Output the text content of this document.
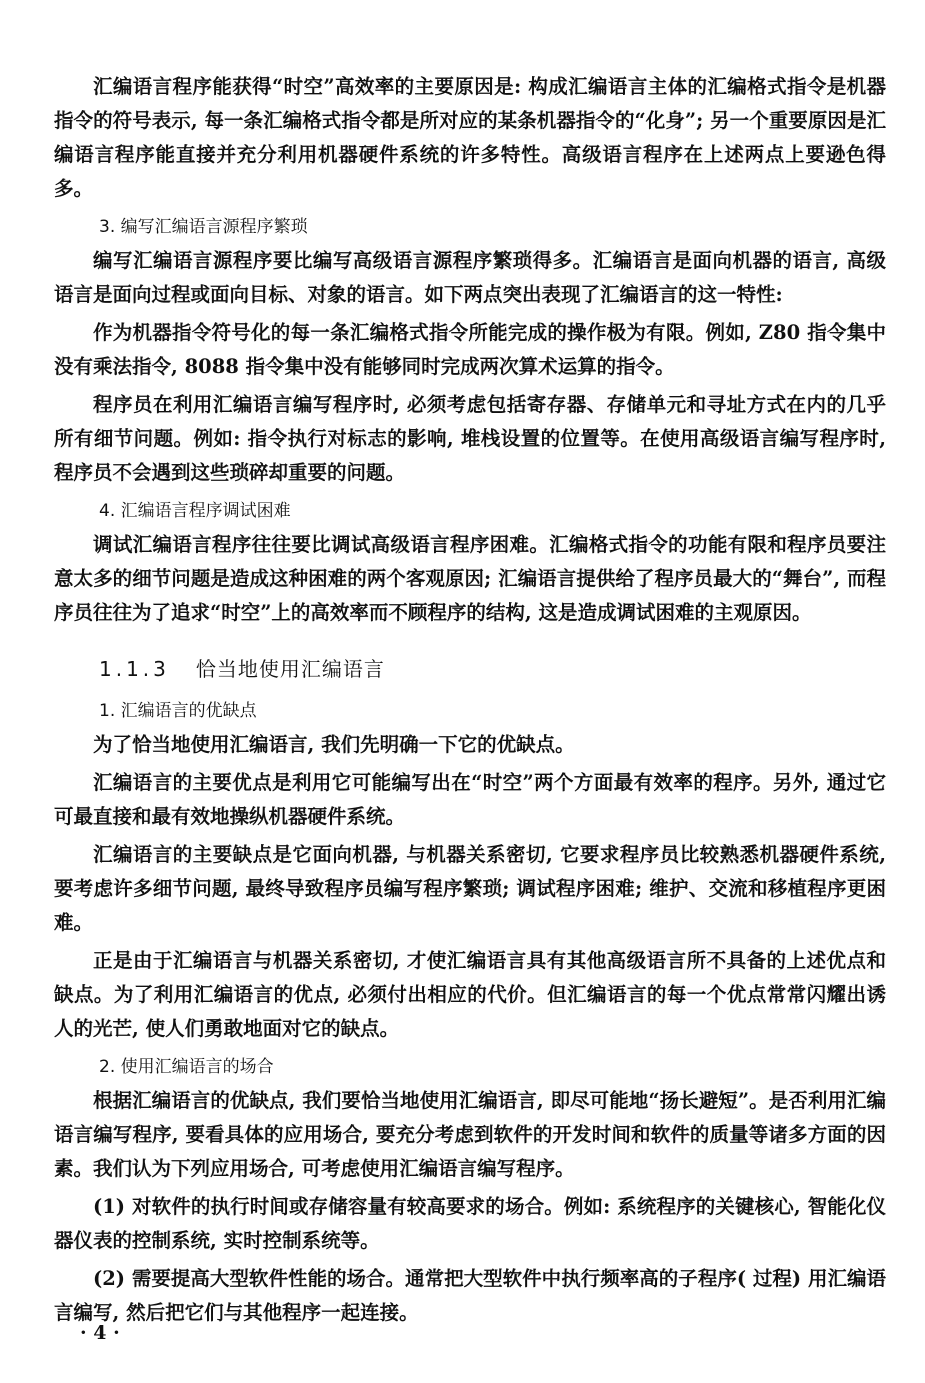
汇编语言程序能获得“时空”高效率的主要原因是: 构成汇编语言主体的汇编格式指令是机器指令的符号表示, 每一条汇编格式指令都是所对应的某条机器指令的“化身”; 另一个重要原因是汇编语言程序能直接并充分利用机器硬件系统的许多特性。高级语言程序在上述两点上要逊色得多。

3. 编写汇编语言源程序繁琐

编写汇编语言源程序要比编写高级语言源程序繁琐得多。汇编语言是面向机器的语言, 高级语言是面向过程或面向目标、对象的语言。如下两点突出表现了汇编语言的这一特性:

作为机器指令符号化的每一条汇编格式指令所能完成的操作极为有限。例如, Z80 指令集中没有乘法指令, 8088 指令集中没有能够同时完成两次算术运算的指令。

程序员在利用汇编语言编写程序时, 必须考虑包括寄存器、存储单元和寻址方式在内的几乎所有细节问题。例如: 指令执行对标志的影响, 堆栈设置的位置等。在使用高级语言编写程序时, 程序员不会遇到这些琐碎却重要的问题。

4. 汇编语言程序调试困难

调试汇编语言程序往往要比调试高级语言程序困难。汇编格式指令的功能有限和程序员要注意太多的细节问题是造成这种困难的两个客观原因; 汇编语言提供给了程序员最大的“舞台”, 而程序员往往为了追求“时空”上的高效率而不顾程序的结构, 这是造成调试困难的主观原因。

1.1.3 恰当地使用汇编语言

1. 汇编语言的优缺点

为了恰当地使用汇编语言, 我们先明确一下它的优缺点。

汇编语言的主要优点是利用它可能编写出在“时空”两个方面最有效率的程序。另外, 通过它可最直接和最有效地操纵机器硬件系统。

汇编语言的主要缺点是它面向机器, 与机器关系密切, 它要求程序员比较熟悉机器硬件系统, 要考虑许多细节问题, 最终导致程序员编写程序繁琐; 调试程序困难; 维护、交流和移植程序更困难。

正是由于汇编语言与机器关系密切, 才使汇编语言具有其他高级语言所不具备的上述优点和缺点。为了利用汇编语言的优点, 必须付出相应的代价。但汇编语言的每一个优点常常闪耀出诱人的光芒, 使人们勇敢地面对它的缺点。

2. 使用汇编语言的场合

根据汇编语言的优缺点, 我们要恰当地使用汇编语言, 即尽可能地“扬长避短”。是否利用汇编语言编写程序, 要看具体的应用场合, 要充分考虑到软件的开发时间和软件的质量等诸多方面的因素。我们认为下列应用场合, 可考虑使用汇编语言编写程序。

(1) 对软件的执行时间或存储容量有较高要求的场合。例如: 系统程序的关键核心, 智能化仪器仪表的控制系统, 实时控制系统等。

(2) 需要提高大型软件性能的场合。通常把大型软件中执行频率高的子程序( 过程) 用汇编语言编写, 然后把它们与其他程序一起连接。

· 4 ·
